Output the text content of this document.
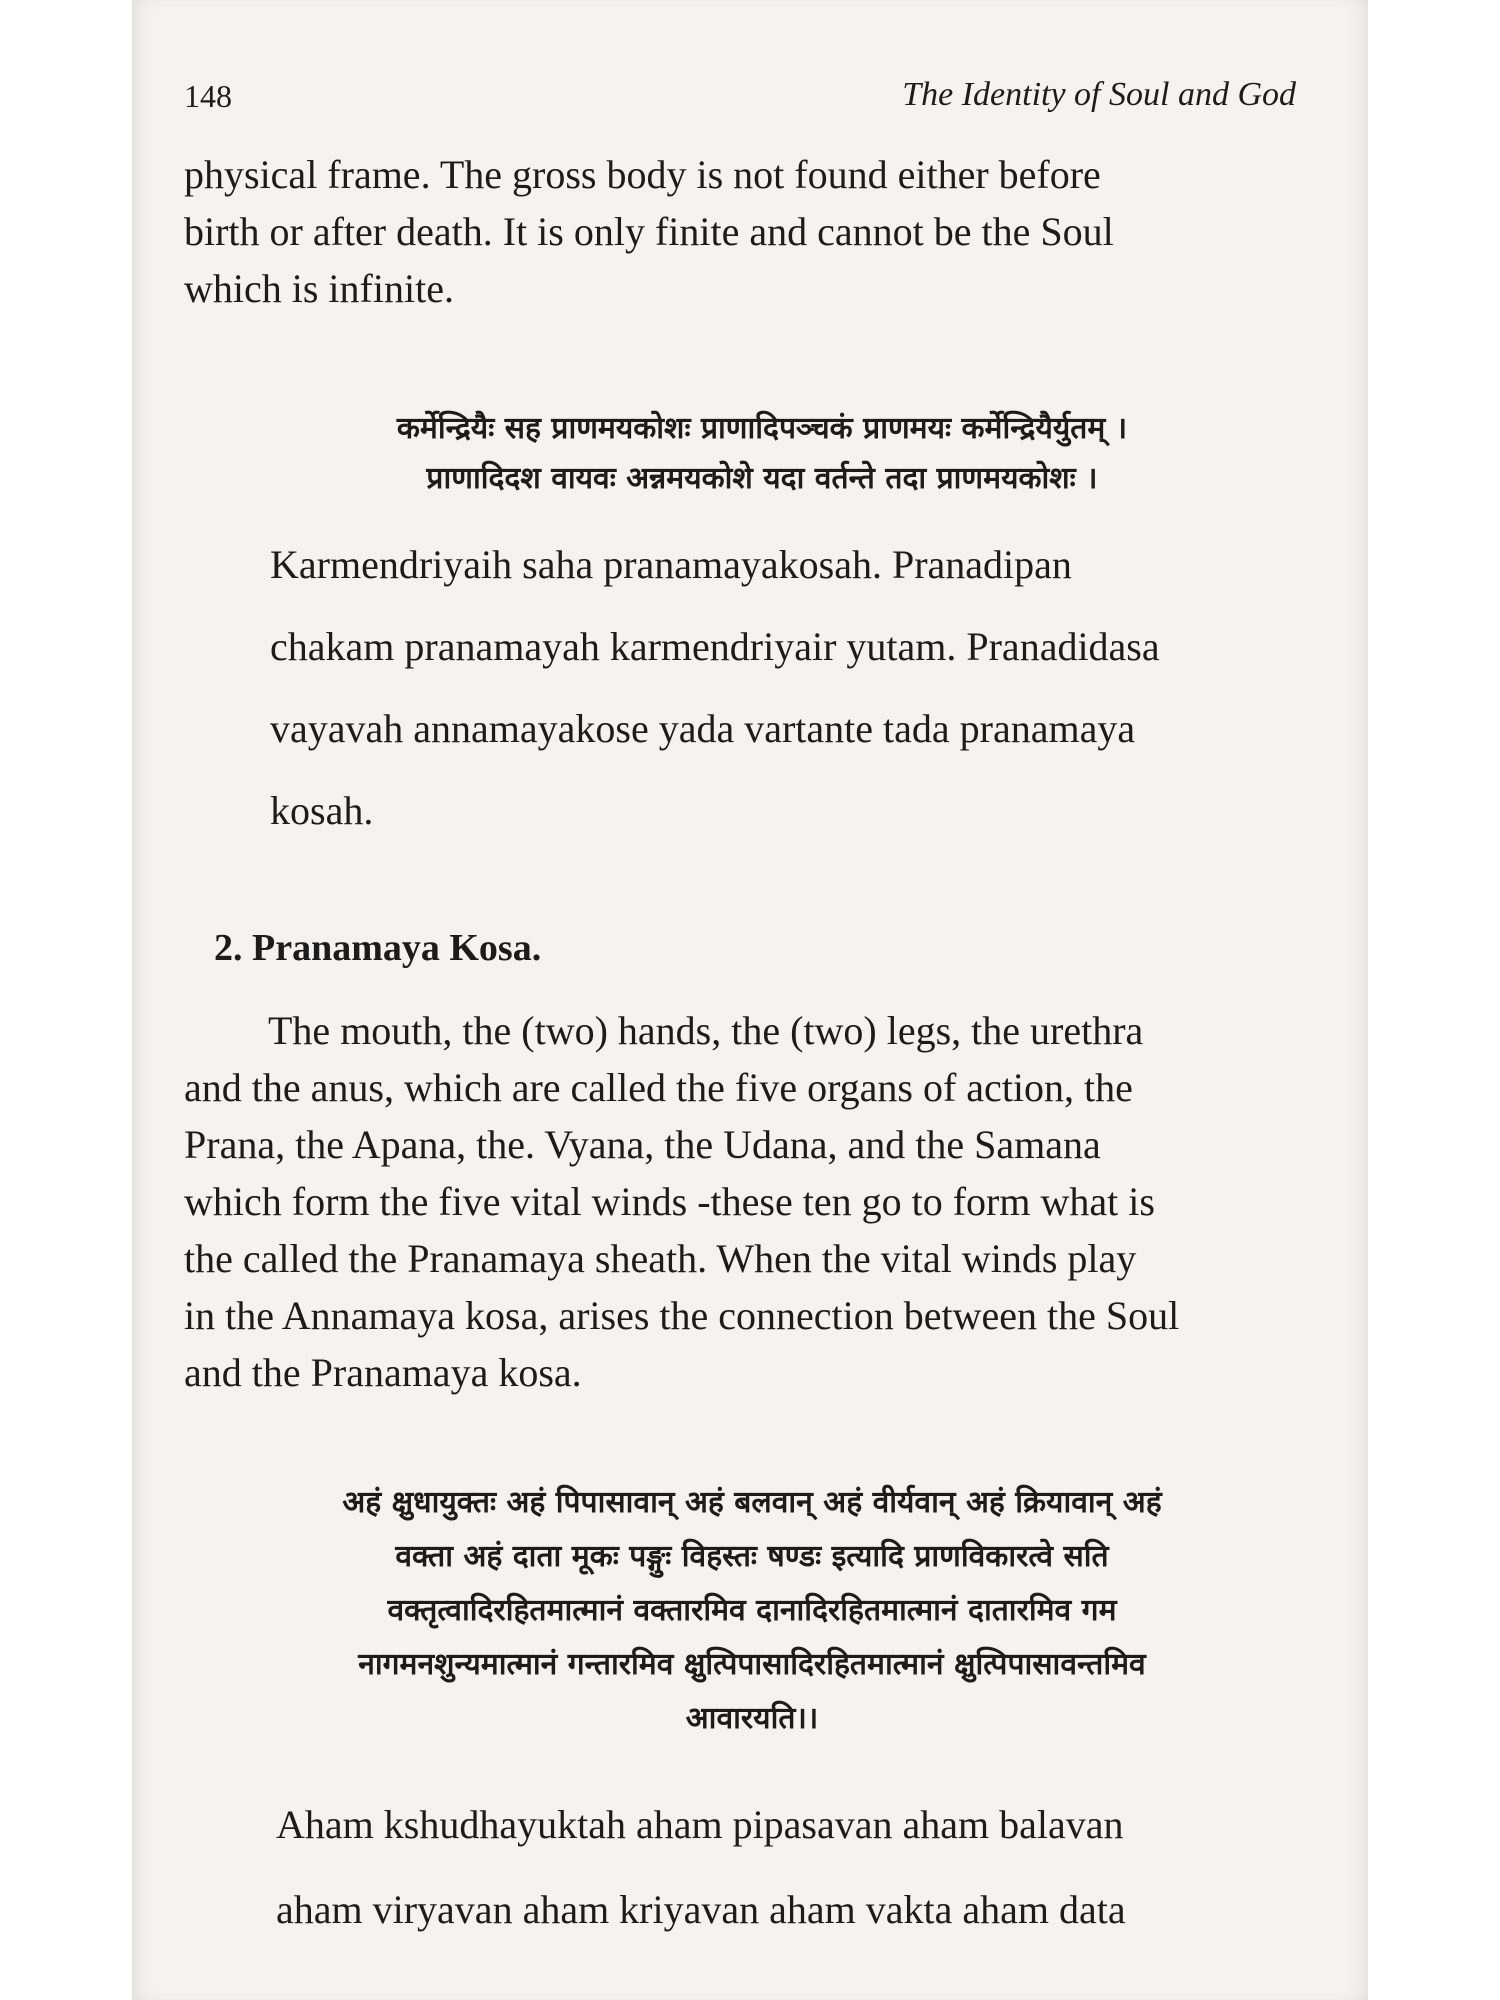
148	The Identity of Soul and God
physical frame. The gross body is not found either before
birth or after death. It is only finite and cannot be the Soul
which is infinite.
कर्मेन्द्रियैः सह प्राणमयकोशः प्राणादिपञ्चकं प्राणमयः कर्मेन्द्रियैर्युतम् ।
प्राणादिदश वायवः अन्नमयकोशे यदा वर्तन्ते तदा प्राणमयकोशः ।
Karmendriyaih saha pranamayakosah. Pranadipan
chakam pranamayah karmendriyair yutam. Pranadidasa
vayavah annamayakose yada vartante tada pranamaya
kosah.
2. Pranamaya Kosa.
The mouth, the (two) hands, the (two) legs, the urethra
and the anus, which are called the five organs of action, the
Prana, the Apana, the. Vyana, the Udana, and the Samana
which form the five vital winds -these ten go to form what is
the called the Pranamaya sheath. When the vital winds play
in the Annamaya kosa, arises the connection between the Soul
and the Pranamaya kosa.
अहं क्षुधायुक्तः अहं पिपासावान् अहं बलवान् अहं वीर्यवान् अहं क्रियावान् अहं
वक्ता अहं दाता मूकः पङ्गुः विहस्तः षण्डः इत्यादि प्राणविकारत्वे सति
वक्तृत्वादिरहितमात्मानं वक्तारमिव दानादिरहितमात्मानं दातारमिव गम
नागमनशुन्यमात्मानं गन्तारमिव क्षुत्पिपासादिरहितमात्मानं क्षुत्पिपासावन्तमिव
आवारयति।।
Aham kshudhayuktah aham pipasavan aham balavan
aham viryavan aham kriyavan aham vakta aham data
